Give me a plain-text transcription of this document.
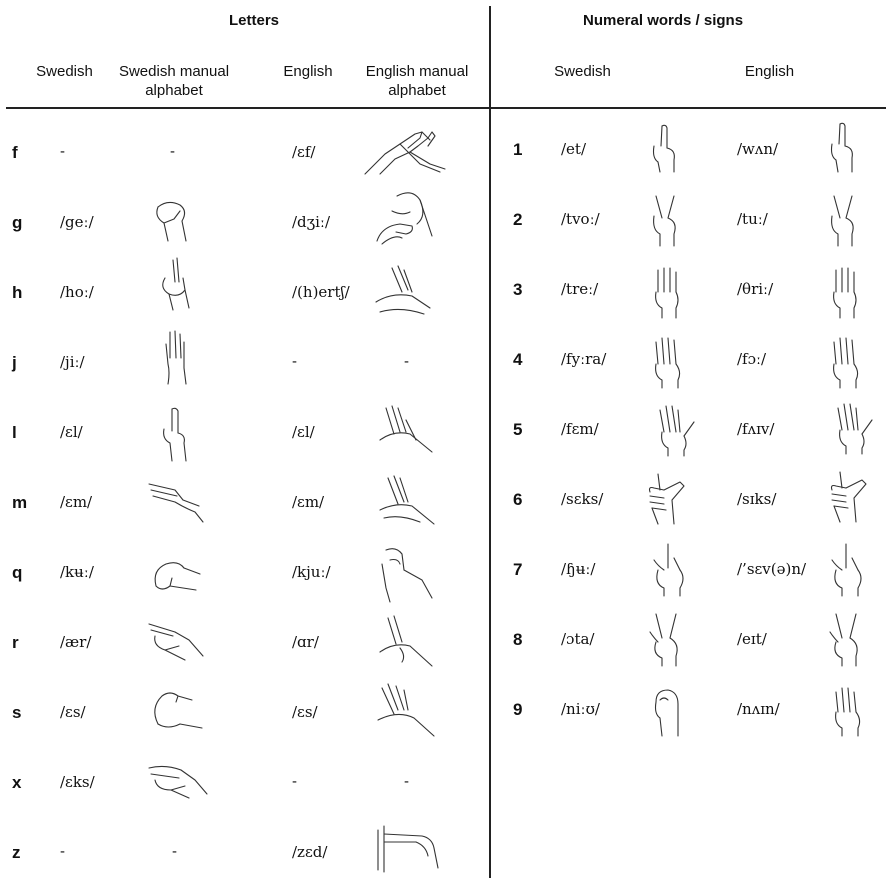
Letters	Numeral words / signs
Swedish	Swedish manual alphabet
English	English manual alphabet
Swedish	English
f	-	-	/ɛf/
g	/geː/	/dʒiː/
h	/hoː/	/(h)ertʃ/
j	/jiː/	-	-
l	/ɛl/	/ɛl/
m /ɛm/	/ɛm/
q	/kʉː/	/kjuː/
r	/ær/	/ɑr/
s	/ɛs/	/ɛs/
x	/ɛks/	-	-
z	-	-	/zɛd/
1	/et/	/wʌn/
2	/tvoː/	/tuː/
3	/treː/	/θriː/
4	/fyːra/	/fɔː/
5	/fɛm/	/fʌɪv/
6	/sɛks/	/sɪks/
7	/ɧʉː/	/’sɛv(ə)n/
8	/ɔta/	/eɪt/
9	/niːʊ/	/nʌɪn/
